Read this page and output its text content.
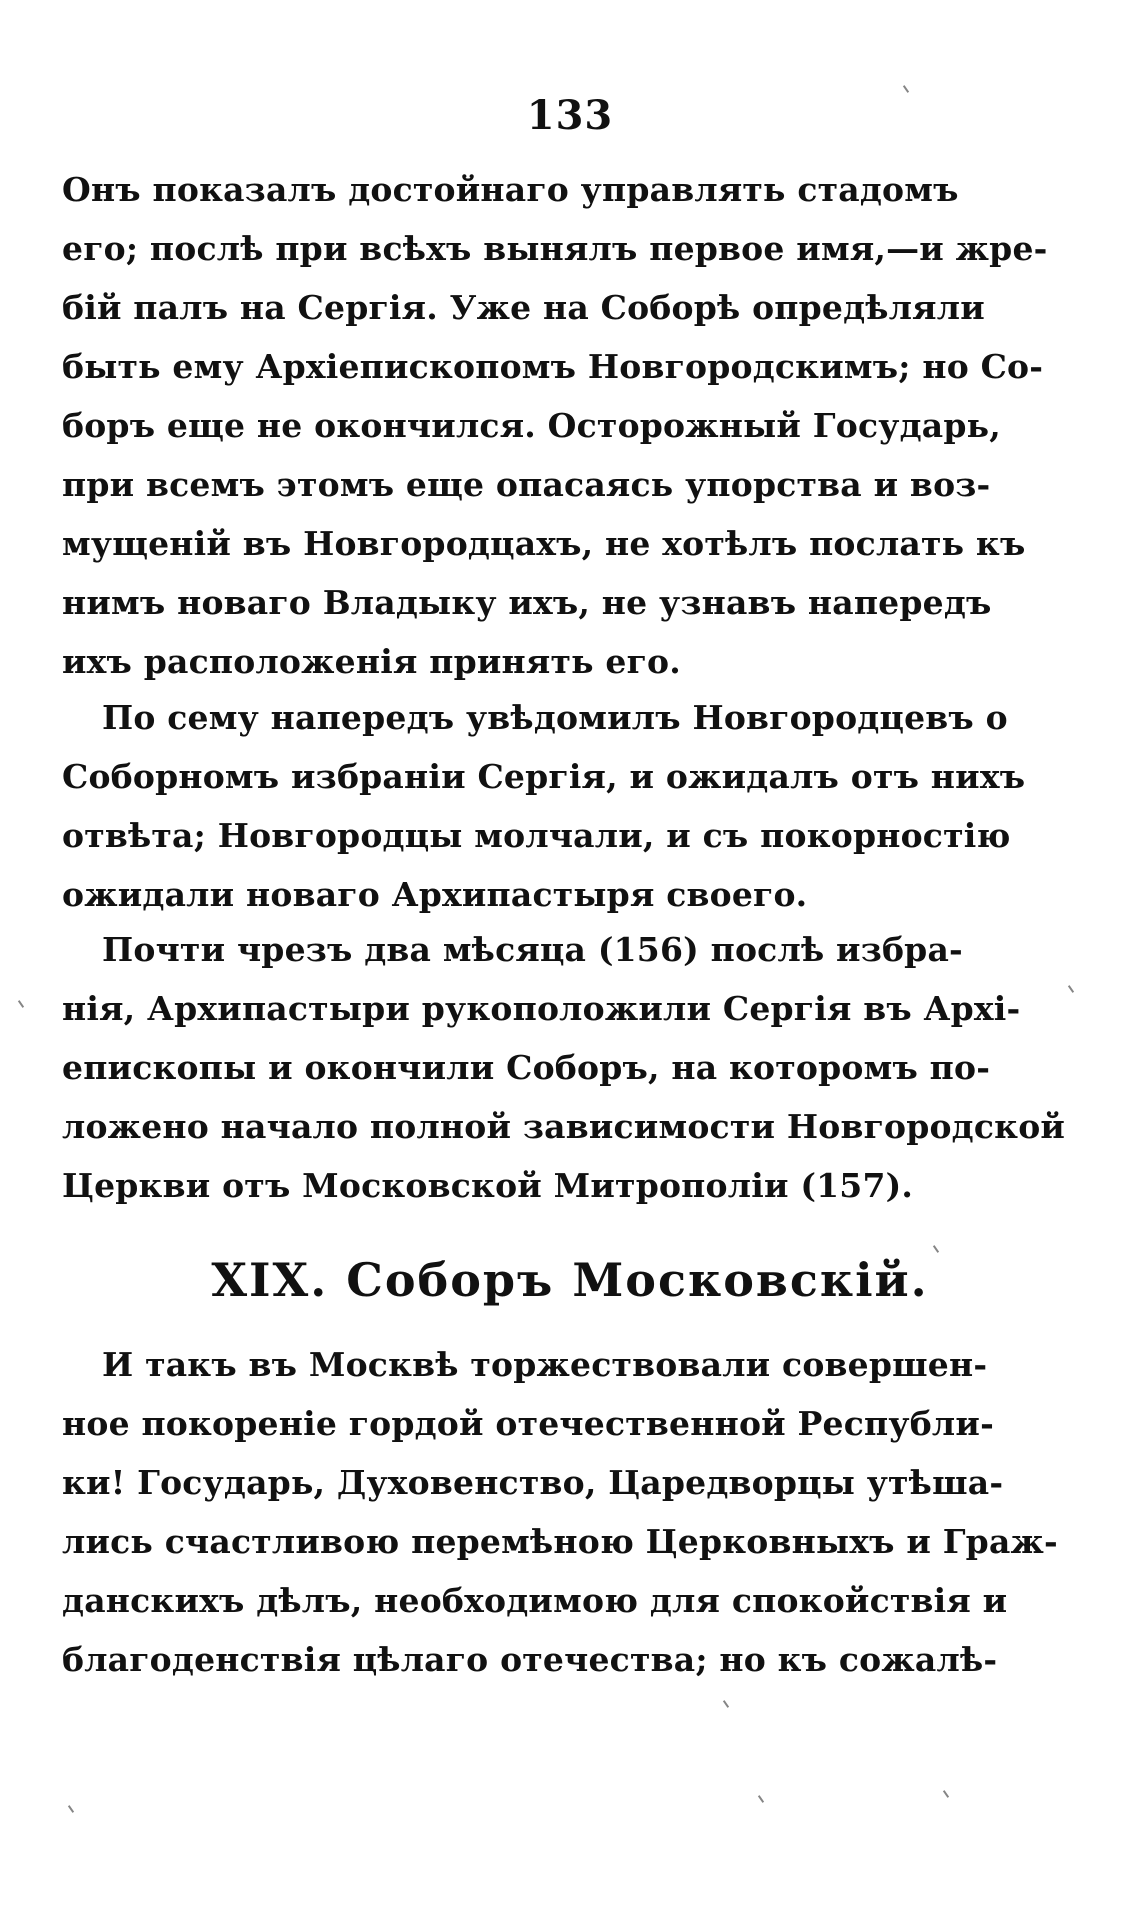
133
Онъ показалъ достойнаго управлять стадомъ
его; послѣ при всѣхъ вынялъ первое имя,—и жре-
бій палъ на Сергія. Уже на Соборѣ опредѣляли
быть ему Архіепископомъ Новгородскимъ; но Со-
боръ еще не окончился. Осторожный Государь,
при всемъ этомъ еще опасаясь упорства и воз-
мущеній въ Новгородцахъ, не хотѣлъ послать къ
нимъ новаго Владыку ихъ, не узнавъ напередъ
ихъ расположенія принять его.
По сему напередъ увѣдомилъ Новгородцевъ о
Соборномъ избраніи Сергія, и ожидалъ отъ нихъ
отвѣта; Новгородцы молчали, и съ покорностію
ожидали новаго Архипастыря своего.
Почти чрезъ два мѣсяца (156) послѣ избра-
нія, Архипастыри рукоположили Сергія въ Архі-
епископы и окончили Соборъ, на которомъ по-
ложено начало полной зависимости Новгородской
Церкви отъ Московской Митрополіи (157).
XIX. Соборъ Московскій.
И такъ въ Москвѣ торжествовали совершен-
ное покореніе гордой отечественной Республи-
ки! Государь, Духовенство, Царедворцы утѣша-
лись счастливою перемѣною Церковныхъ и Граж-
данскихъ дѣлъ, необходимою для спокойствія и
благоденствія цѣлаго отечества; но къ сожалѣ-
